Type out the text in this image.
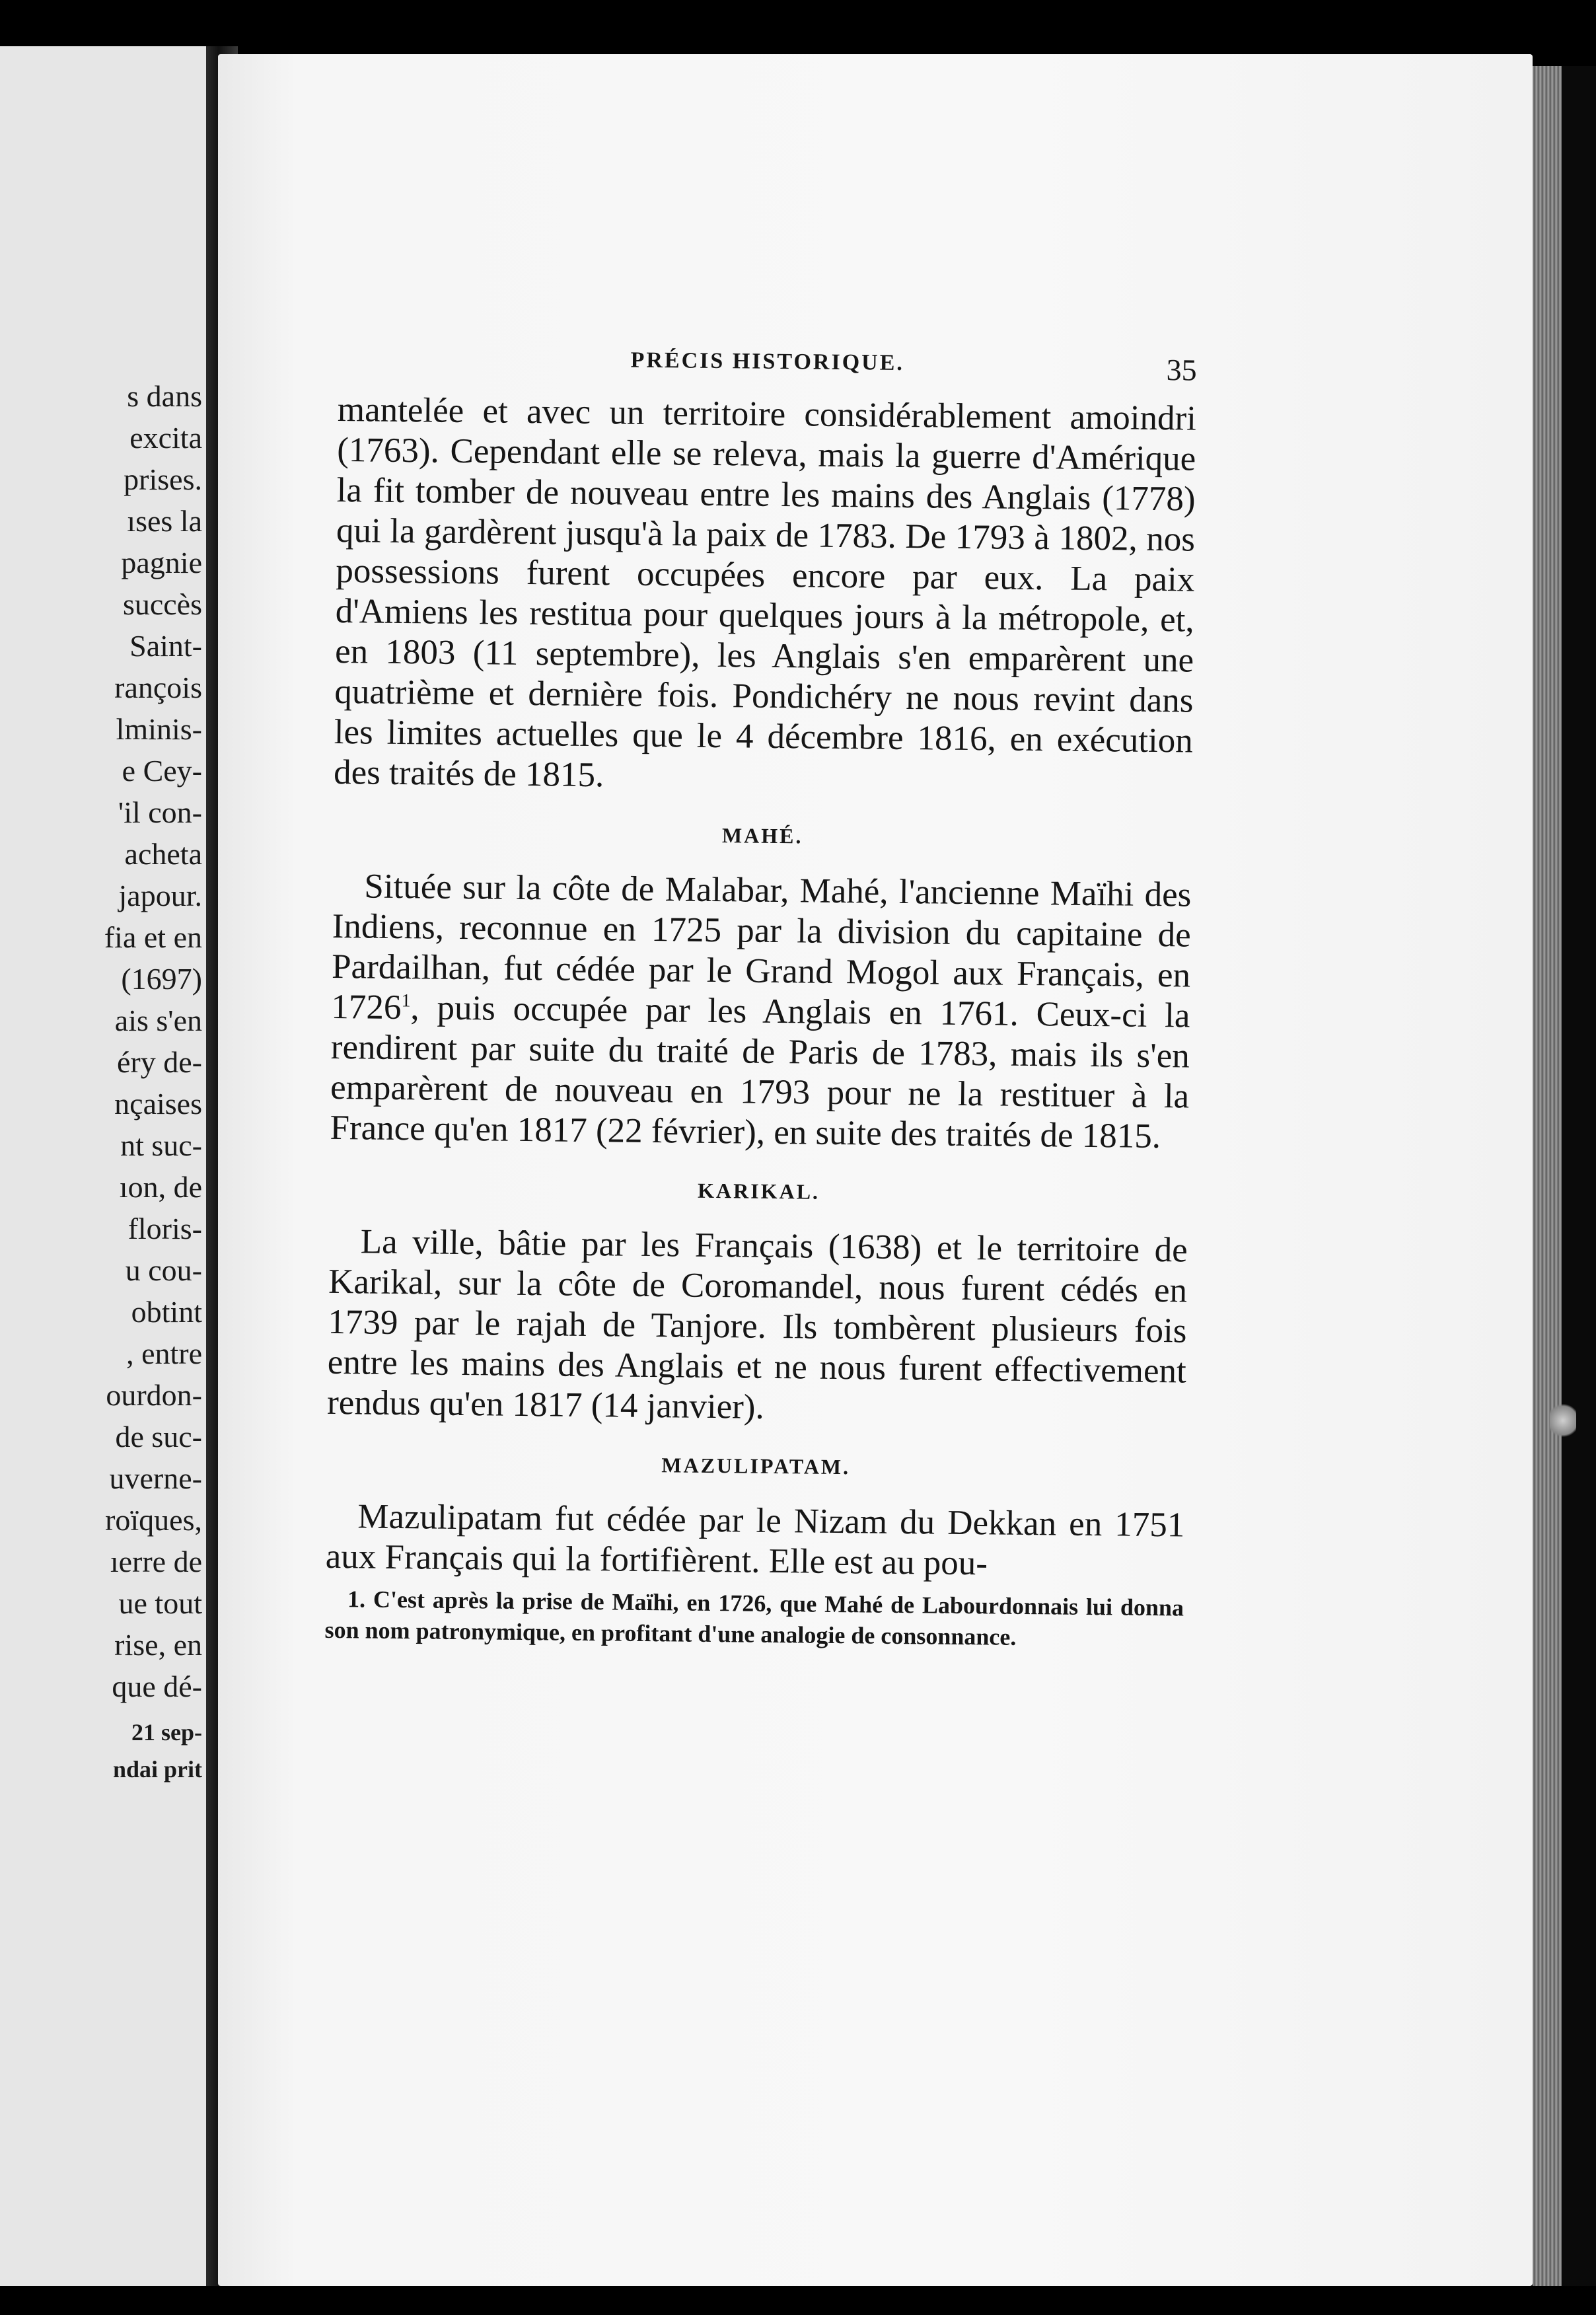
s dans
excita
prises.
ıses la
pagnie
succès
Saint-
rançois
lminis-
e Cey-
'il con-
acheta
japour.
fia et en
(1697)
ais s'en
éry de-
nçaises
nt suc-
ıon, de
floris-
u cou-
obtint
, entre
ourdon-
de suc-
uverne-
roïques,
ıerre de
ue tout
rise, en
que dé-
21 sep-
ndai prit
PRÉCIS HISTORIQUE.	35

mantelée et avec un territoire considérablement amoindri (1763). Cependant elle se releva, mais la guerre d'Amérique la fit tomber de nouveau entre les mains des Anglais (1778) qui la gardèrent jusqu'à la paix de 1783. De 1793 à 1802, nos possessions furent occupées encore par eux. La paix d'Amiens les restitua pour quelques jours à la métropole, et, en 1803 (11 septembre), les Anglais s'en emparèrent une quatrième et dernière fois. Pondichéry ne nous revint dans les limites actuelles que le 4 décembre 1816, en exécution des traités de 1815.

MAHÉ.

Située sur la côte de Malabar, Mahé, l'ancienne Maïhi des Indiens, reconnue en 1725 par la division du capitaine de Pardailhan, fut cédée par le Grand Mogol aux Français, en 1726$^1$, puis occupée par les Anglais en 1761. Ceux-ci la rendirent par suite du traité de Paris de 1783, mais ils s'en emparèrent de nouveau en 1793 pour ne la restituer à la France qu'en 1817 (22 février), en suite des traités de 1815.

KARIKAL.

La ville, bâtie par les Français (1638) et le territoire de Karikal, sur la côte de Coromandel, nous furent cédés en 1739 par le rajah de Tanjore. Ils tombèrent plusieurs fois entre les mains des Anglais et ne nous furent effectivement rendus qu'en 1817 (14 janvier).

MAZULIPATAM.

Mazulipatam fut cédée par le Nizam du Dekkan en 1751 aux Français qui la fortifièrent. Elle est au pou-

1. C'est après la prise de Maïhi, en 1726, que Mahé de Labourdonnais lui donna son nom patronymique, en profitant d'une analogie de consonnance.
